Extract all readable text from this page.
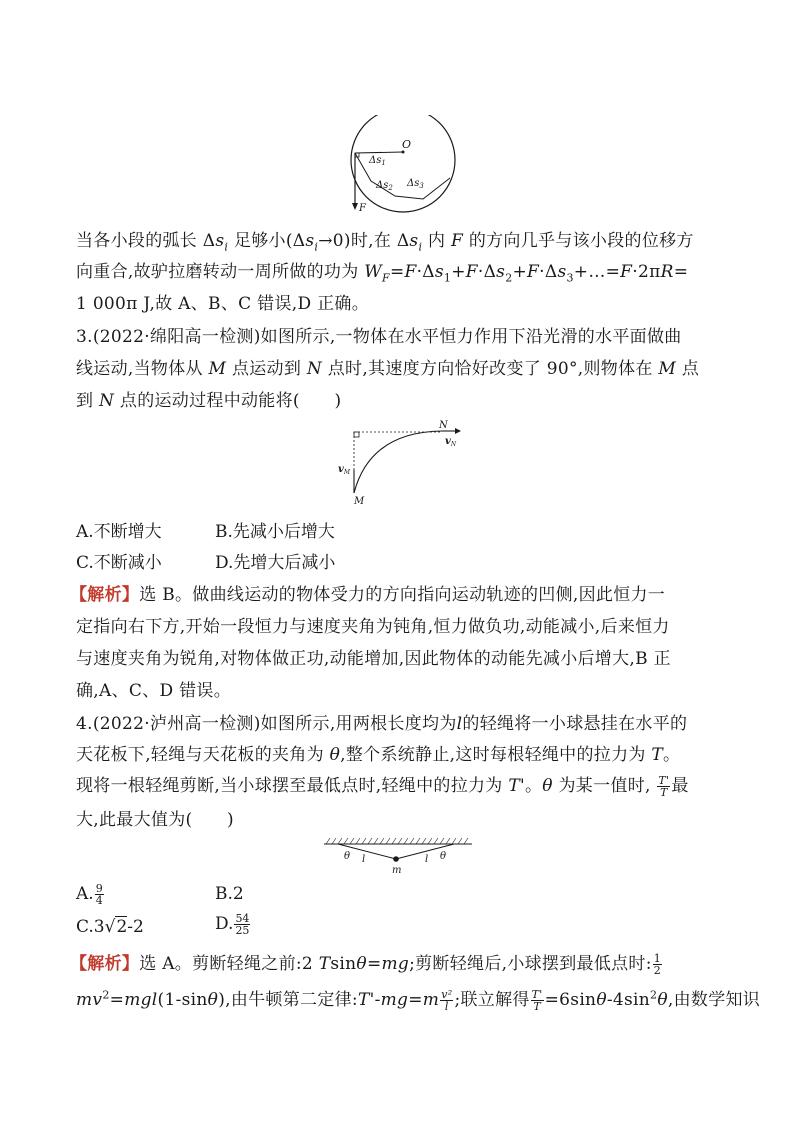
O
$\Delta s_1$
$\Delta s_2$ $\Delta s_3$
F
当各小段的弧长 $\Delta s_i$ 足够小$(\Delta s_i\to 0)$时,在 $\Delta s_i$ 内 F 的方向几乎与该小段的位移方
向重合,故驴拉磨转动一周所做的功为 $W_F=F\cdot\Delta s_1+F\cdot\Delta s_2+F\cdot\Delta s_3+\dots=F\cdot 2\pi R=$
1 000π J,故 A、B、C 错误,D 正确。
3.(2022·绵阳高一检测)如图所示,一物体在水平恒力作用下沿光滑的水平面做曲
线运动,当物体从 M 点运动到 N 点时,其速度方向恰好改变了 90°,则物体在 M 点
到 N 点的运动过程中动能将(　　)
N
$v_N$
$v_M$
M
A.不断增大	B.先减小后增大
C.不断减小	D.先增大后减小
【解析】选 B。做曲线运动的物体受力的方向指向运动轨迹的凹侧,因此恒力一
定指向右下方,开始一段恒力与速度夹角为钝角,恒力做负功,动能减小,后来恒力
与速度夹角为锐角,对物体做正功,动能增加,因此物体的动能先减小后增大,B 正
确,A、C、D 错误。
4.(2022·泸州高一检测)如图所示,用两根长度均为l的轻绳将一小球悬挂在水平的
天花板下,轻绳与天花板的夹角为 θ,整个系统静止,这时每根轻绳中的拉力为 T。
现将一根轻绳剪断,当小球摆至最低点时,轻绳中的拉力为 T'。θ 为某一值时, $\frac{T'}{T}$ 最
大,此最大值为(　　)
θ l
m
l θ
A. $\frac{9}{4}$	B.2
C.3√2-2	D. $\frac{54}{25}$
【解析】选 A。剪断轻绳之前:2 Tsinθ=mg;剪断轻绳后,小球摆到最低点时: $\frac{1}{2}$
$mv^2=mgl(1-\sin\theta)$,由牛顿第二定律:T'-mg=m $\frac{\text{v²}}{l}$ ;联立解得 $\frac{T'}{T} =6\sin\theta-4\sin^2\theta$,由数学知识
